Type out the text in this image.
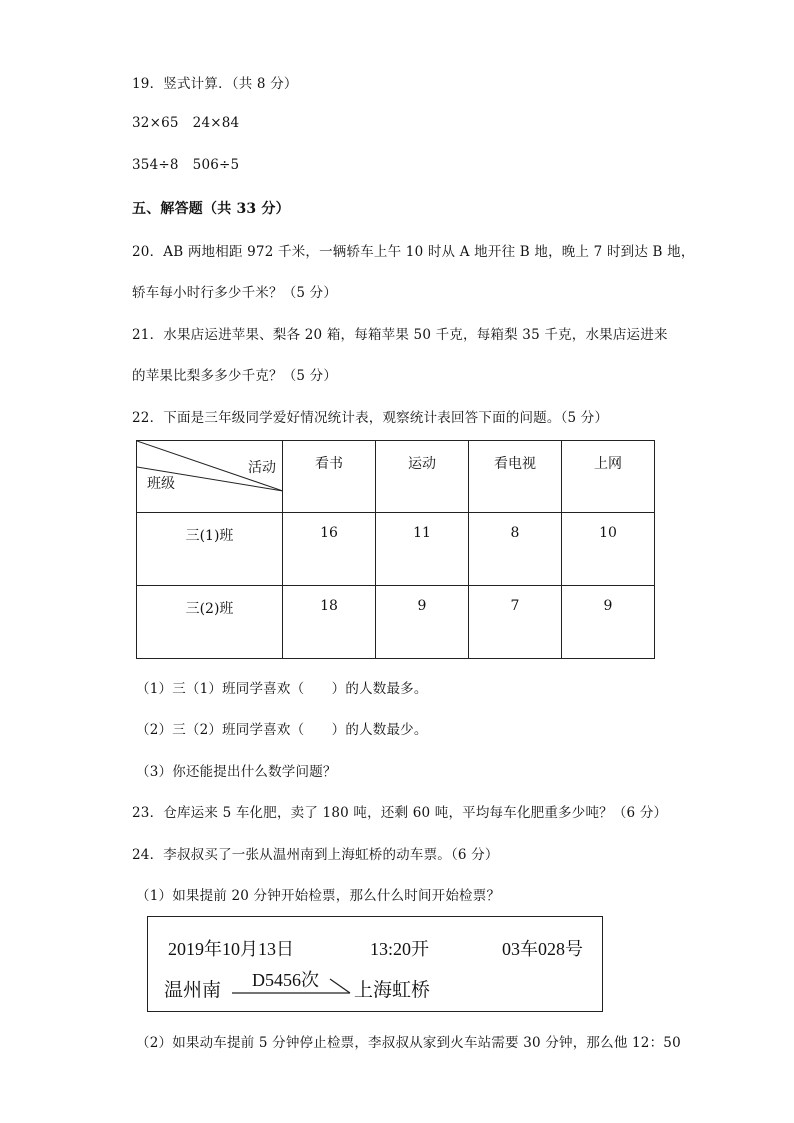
19．竖式计算．（共 8 分）
32×65 24×84
354÷8 506÷5
五、解答题（共 33 分）
20．AB 两地相距 972 千米，一辆轿车上午 10 时从 A 地开往 B 地，晚上 7 时到达 B 地，
轿车每小时行多少千米？（5 分）
21．水果店运进苹果、梨各 20 箱，每箱苹果 50 千克，每箱梨 35 千克，水果店运进来
的苹果比梨多多少千克？（5 分）
22．下面是三年级同学爱好情况统计表，观察统计表回答下面的问题。（5 分）
活动
班级	看书	运动	看电视	上网
三(1)班	16	11	8	10
三(2)班	18	9	7	9
（1）三（1）班同学喜欢（　　）的人数最多。
（2）三（2）班同学喜欢（　　）的人数最少。
（3）你还能提出什么数学问题？
23．仓库运来 5 车化肥，卖了 180 吨，还剩 60 吨，平均每车化肥重多少吨？（6 分）
24．李叔叔买了一张从温州南到上海虹桥的动车票。（6 分）
（1）如果提前 20 分钟开始检票，那么什么时间开始检票？
2019年10月13日	13:20开	03车028号
温州南 D5456次 上海虹桥
（2）如果动车提前 5 分钟停止检票，李叔叔从家到火车站需要 30 分钟，那么他 12：50
